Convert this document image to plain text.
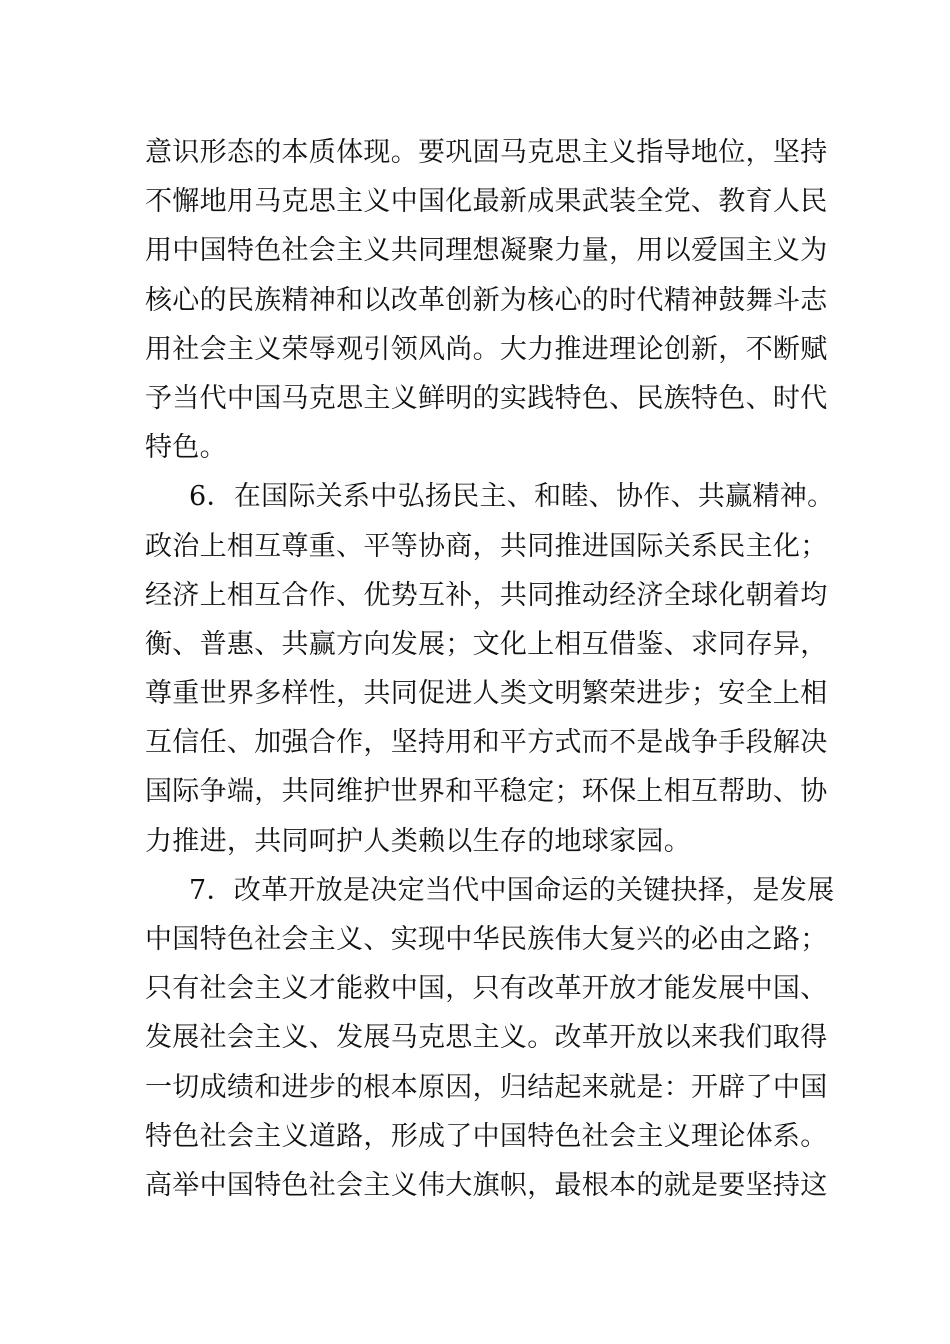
意识形态的本质体现。要巩固马克思主义指导地位，坚持
不懈地用马克思主义中国化最新成果武装全党、教育人民
用中国特色社会主义共同理想凝聚力量，用以爱国主义为
核心的民族精神和以改革创新为核心的时代精神鼓舞斗志
用社会主义荣辱观引领风尚。大力推进理论创新，不断赋
予当代中国马克思主义鲜明的实践特色、民族特色、时代
特色。
6．在国际关系中弘扬民主、和睦、协作、共赢精神。
政治上相互尊重、平等协商，共同推进国际关系民主化；
经济上相互合作、优势互补，共同推动经济全球化朝着均
衡、普惠、共赢方向发展；文化上相互借鉴、求同存异，
尊重世界多样性，共同促进人类文明繁荣进步；安全上相
互信任、加强合作，坚持用和平方式而不是战争手段解决
国际争端，共同维护世界和平稳定；环保上相互帮助、协
力推进，共同呵护人类赖以生存的地球家园。
7．改革开放是决定当代中国命运的关键抉择，是发展
中国特色社会主义、实现中华民族伟大复兴的必由之路；
只有社会主义才能救中国，只有改革开放才能发展中国、
发展社会主义、发展马克思主义。改革开放以来我们取得
一切成绩和进步的根本原因，归结起来就是：开辟了中国
特色社会主义道路，形成了中国特色社会主义理论体系。
高举中国特色社会主义伟大旗帜，最根本的就是要坚持这
